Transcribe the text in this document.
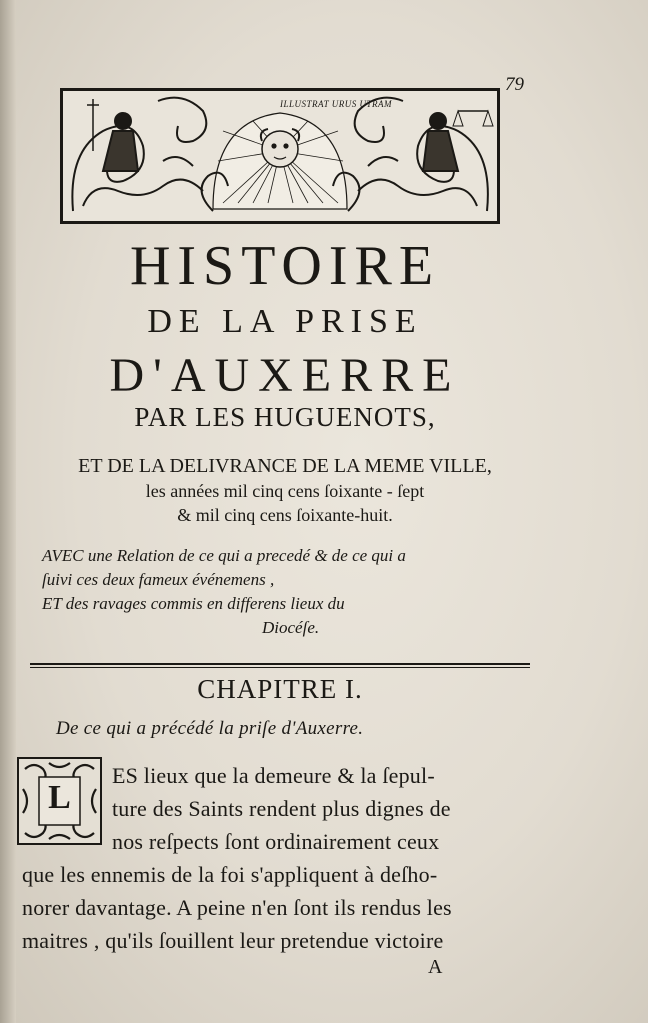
79
ILLUSTRAT URUS UTRAM
HISTOIRE
DE LA PRISE
D'AUXERRE
PAR LES HUGUENOTS,
ET DE LA DELIVRANCE DE LA MEME VILLE,
les années mil cinq cens ſoixante - ſept
& mil cinq cens ſoixante-huit.
AVEC une Relation de ce qui a precedé & de ce qui a
ſuivi ces deux fameux événemens ,
ET des ravages commis en differens lieux du
Diocéſe.
CHAPITRE I.
De ce qui a précédé la priſe d'Auxerre.
L
ES lieux que la demeure & la ſepul-
ture des Saints rendent plus dignes de
nos reſpects ſont ordinairement ceux
que les ennemis de la foi s'appliquent à deſho-
norer davantage. A peine n'en ſont ils rendus les
maitres , qu'ils ſouillent leur pretendue victoire
A
